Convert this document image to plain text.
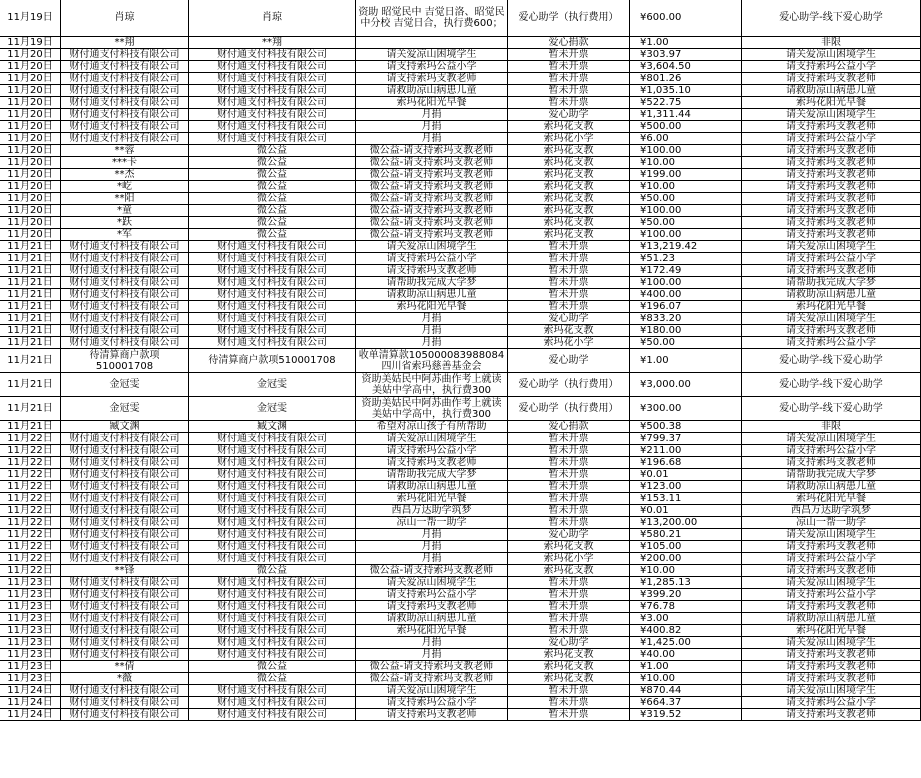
11月19日	肖琼	肖琼	资助 昭觉民中 吉觉日洛、昭觉民中分校 吉觉日合，执行费600；	爱心助学（执行费用）	¥600.00	爱心助学-线下爱心助学
11月19日	**翔	**翔		爱心捐款	¥1.00	非限
11月20日	财付通支付科技有限公司	财付通支付科技有限公司	请关爱凉山困境学生	暂未开票	¥303.97	请关爱凉山困境学生
11月20日	财付通支付科技有限公司	财付通支付科技有限公司	请支持索玛公益小学	暂未开票	¥3,604.50	请支持索玛公益小学
11月20日	财付通支付科技有限公司	财付通支付科技有限公司	请支持索玛支教老师	暂未开票	¥801.26	请支持索玛支教老师
11月20日	财付通支付科技有限公司	财付通支付科技有限公司	请救助凉山病患儿童	暂未开票	¥1,035.10	请救助凉山病患儿童
11月20日	财付通支付科技有限公司	财付通支付科技有限公司	索玛花阳光早餐	暂未开票	¥522.75	索玛花阳光早餐
11月20日	财付通支付科技有限公司	财付通支付科技有限公司	月捐	爱心助学	¥1,311.44	请关爱凉山困境学生
11月20日	财付通支付科技有限公司	财付通支付科技有限公司	月捐	索玛花支教	¥500.00	请支持索玛支教老师
11月20日	财付通支付科技有限公司	财付通支付科技有限公司	月捐	索玛花小学	¥6.00	请支持索玛公益小学
11月20日	**蓉	微公益	微公益-请支持索玛支教老师	索玛花支教	¥100.00	请支持索玛支教老师
11月20日	***卡	微公益	微公益-请支持索玛支教老师	索玛花支教	¥10.00	请支持索玛支教老师
11月20日	**杰	微公益	微公益-请支持索玛支教老师	索玛花支教	¥199.00	请支持索玛支教老师
11月20日	*屹	微公益	微公益-请支持索玛支教老师	索玛花支教	¥10.00	请支持索玛支教老师
11月20日	**阳	微公益	微公益-请支持索玛支教老师	索玛花支教	¥50.00	请支持索玛支教老师
11月20日	*童	微公益	微公益-请支持索玛支教老师	索玛花支教	¥100.00	请支持索玛支教老师
11月20日	*跃	微公益	微公益-请支持索玛支教老师	索玛花支教	¥50.00	请支持索玛支教老师
11月20日	*军	微公益	微公益-请支持索玛支教老师	索玛花支教	¥100.00	请支持索玛支教老师
11月21日	财付通支付科技有限公司	财付通支付科技有限公司	请关爱凉山困境学生	暂未开票	¥13,219.42	请关爱凉山困境学生
11月21日	财付通支付科技有限公司	财付通支付科技有限公司	请支持索玛公益小学	暂未开票	¥51.23	请支持索玛公益小学
11月21日	财付通支付科技有限公司	财付通支付科技有限公司	请支持索玛支教老师	暂未开票	¥172.49	请支持索玛支教老师
11月21日	财付通支付科技有限公司	财付通支付科技有限公司	请帮助我完成大学梦	暂未开票	¥100.00	请帮助我完成大学梦
11月21日	财付通支付科技有限公司	财付通支付科技有限公司	请救助凉山病患儿童	暂未开票	¥400.00	请救助凉山病患儿童
11月21日	财付通支付科技有限公司	财付通支付科技有限公司	索玛花阳光早餐	暂未开票	¥196.07	索玛花阳光早餐
11月21日	财付通支付科技有限公司	财付通支付科技有限公司	月捐	爱心助学	¥833.20	请关爱凉山困境学生
11月21日	财付通支付科技有限公司	财付通支付科技有限公司	月捐	索玛花支教	¥180.00	请支持索玛支教老师
11月21日	财付通支付科技有限公司	财付通支付科技有限公司	月捐	索玛花小学	¥50.00	请支持索玛公益小学
11月21日	待清算商户款项510001708	待清算商户款项510001708	收单清算款105000083988084 四川省索玛慈善基金会	爱心助学	¥1.00	爱心助学-线下爱心助学
11月21日	金冠雯	金冠雯	资助美姑民中阿苏曲作考上就读美姑中学高中，执行费300	爱心助学（执行费用）	¥3,000.00	爱心助学-线下爱心助学
11月21日	金冠雯	金冠雯	资助美姑民中阿苏曲作考上就读美姑中学高中，执行费300	爱心助学（执行费用）	¥300.00	爱心助学-线下爱心助学
11月21日	臧文渊	臧文渊	希望对凉山孩子有所帮助	爱心捐款	¥500.38	非限
11月22日	财付通支付科技有限公司	财付通支付科技有限公司	请关爱凉山困境学生	暂未开票	¥799.37	请关爱凉山困境学生
11月22日	财付通支付科技有限公司	财付通支付科技有限公司	请支持索玛公益小学	暂未开票	¥211.00	请支持索玛公益小学
11月22日	财付通支付科技有限公司	财付通支付科技有限公司	请支持索玛支教老师	暂未开票	¥196.68	请支持索玛支教老师
11月22日	财付通支付科技有限公司	财付通支付科技有限公司	请帮助我完成大学梦	暂未开票	¥0.01	请帮助我完成大学梦
11月22日	财付通支付科技有限公司	财付通支付科技有限公司	请救助凉山病患儿童	暂未开票	¥123.00	请救助凉山病患儿童
11月22日	财付通支付科技有限公司	财付通支付科技有限公司	索玛花阳光早餐	暂未开票	¥153.11	索玛花阳光早餐
11月22日	财付通支付科技有限公司	财付通支付科技有限公司	西昌万达助学筑梦	暂未开票	¥0.01	西昌万达助学筑梦
11月22日	财付通支付科技有限公司	财付通支付科技有限公司	凉山一帮一助学	暂未开票	¥13,200.00	凉山一帮一助学
11月22日	财付通支付科技有限公司	财付通支付科技有限公司	月捐	爱心助学	¥580.21	请关爱凉山困境学生
11月22日	财付通支付科技有限公司	财付通支付科技有限公司	月捐	索玛花支教	¥105.00	请支持索玛支教老师
11月22日	财付通支付科技有限公司	财付通支付科技有限公司	月捐	索玛花小学	¥200.00	请支持索玛公益小学
11月22日	**锋	微公益	微公益-请支持索玛支教老师	索玛花支教	¥10.00	请支持索玛支教老师
11月23日	财付通支付科技有限公司	财付通支付科技有限公司	请关爱凉山困境学生	暂未开票	¥1,285.13	请关爱凉山困境学生
11月23日	财付通支付科技有限公司	财付通支付科技有限公司	请支持索玛公益小学	暂未开票	¥399.20	请支持索玛公益小学
11月23日	财付通支付科技有限公司	财付通支付科技有限公司	请支持索玛支教老师	暂未开票	¥76.78	请支持索玛支教老师
11月23日	财付通支付科技有限公司	财付通支付科技有限公司	请救助凉山病患儿童	暂未开票	¥3.00	请救助凉山病患儿童
11月23日	财付通支付科技有限公司	财付通支付科技有限公司	索玛花阳光早餐	暂未开票	¥400.82	索玛花阳光早餐
11月23日	财付通支付科技有限公司	财付通支付科技有限公司	月捐	爱心助学	¥1,425.00	请关爱凉山困境学生
11月23日	财付通支付科技有限公司	财付通支付科技有限公司	月捐	索玛花支教	¥40.00	请支持索玛支教老师
11月23日	**倩	微公益	微公益-请支持索玛支教老师	索玛花支教	¥1.00	请支持索玛支教老师
11月23日	*薇	微公益	微公益-请支持索玛支教老师	索玛花支教	¥10.00	请支持索玛支教老师
11月24日	财付通支付科技有限公司	财付通支付科技有限公司	请关爱凉山困境学生	暂未开票	¥870.44	请关爱凉山困境学生
11月24日	财付通支付科技有限公司	财付通支付科技有限公司	请支持索玛公益小学	暂未开票	¥664.37	请支持索玛公益小学
11月24日	财付通支付科技有限公司	财付通支付科技有限公司	请支持索玛支教老师	暂未开票	¥319.52	请支持索玛支教老师
